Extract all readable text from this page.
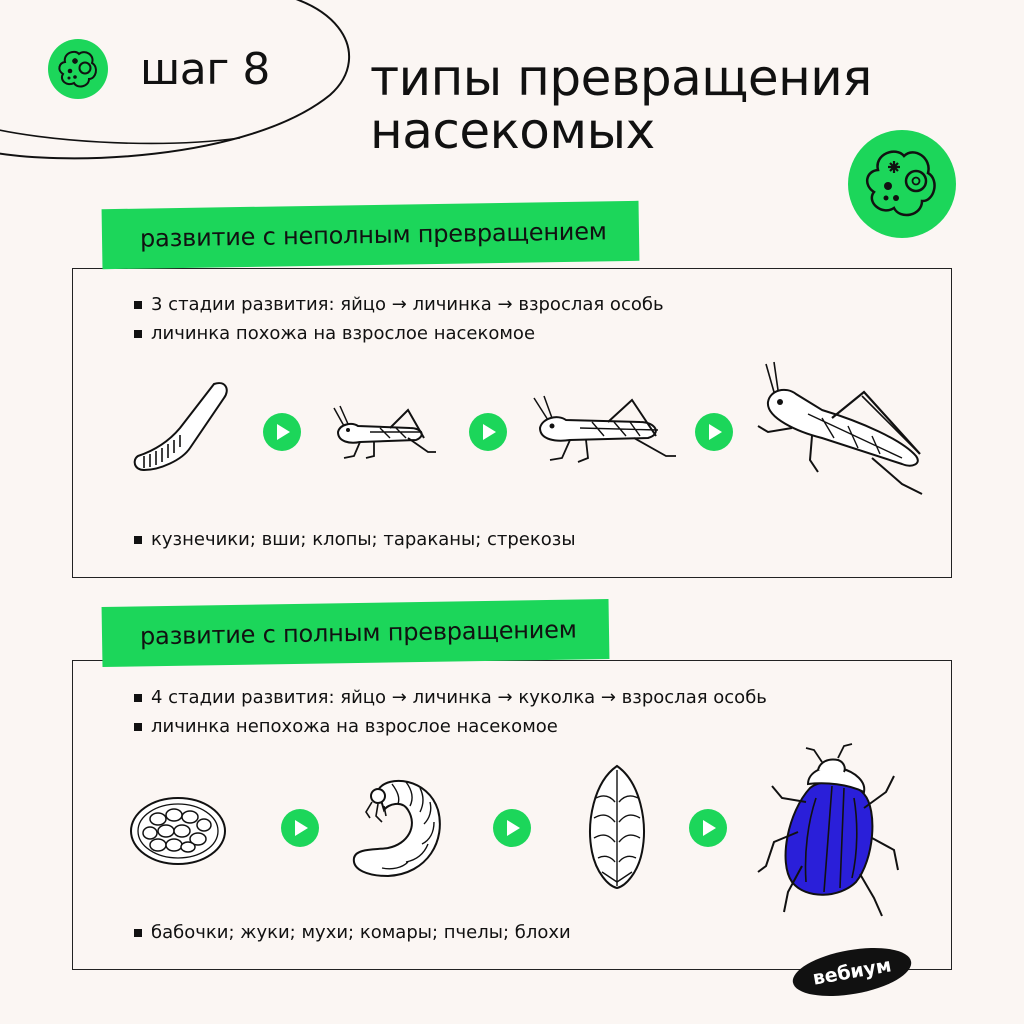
шаг 8 типы превращения
насекомых
развитие с неполным превращением
3 стадии развития: яйцо → личинка → взрослая особь
личинка похожа на взрослое насекомое
кузнечики; вши; клопы; тараканы; стрекозы
развитие с полным превращением
4 стадии развития: яйцо → личинка → куколка → взрослая особь
личинка непохожа на взрослое насекомое
бабочки; жуки; мухи; комары; пчелы; блохи
вебиум
